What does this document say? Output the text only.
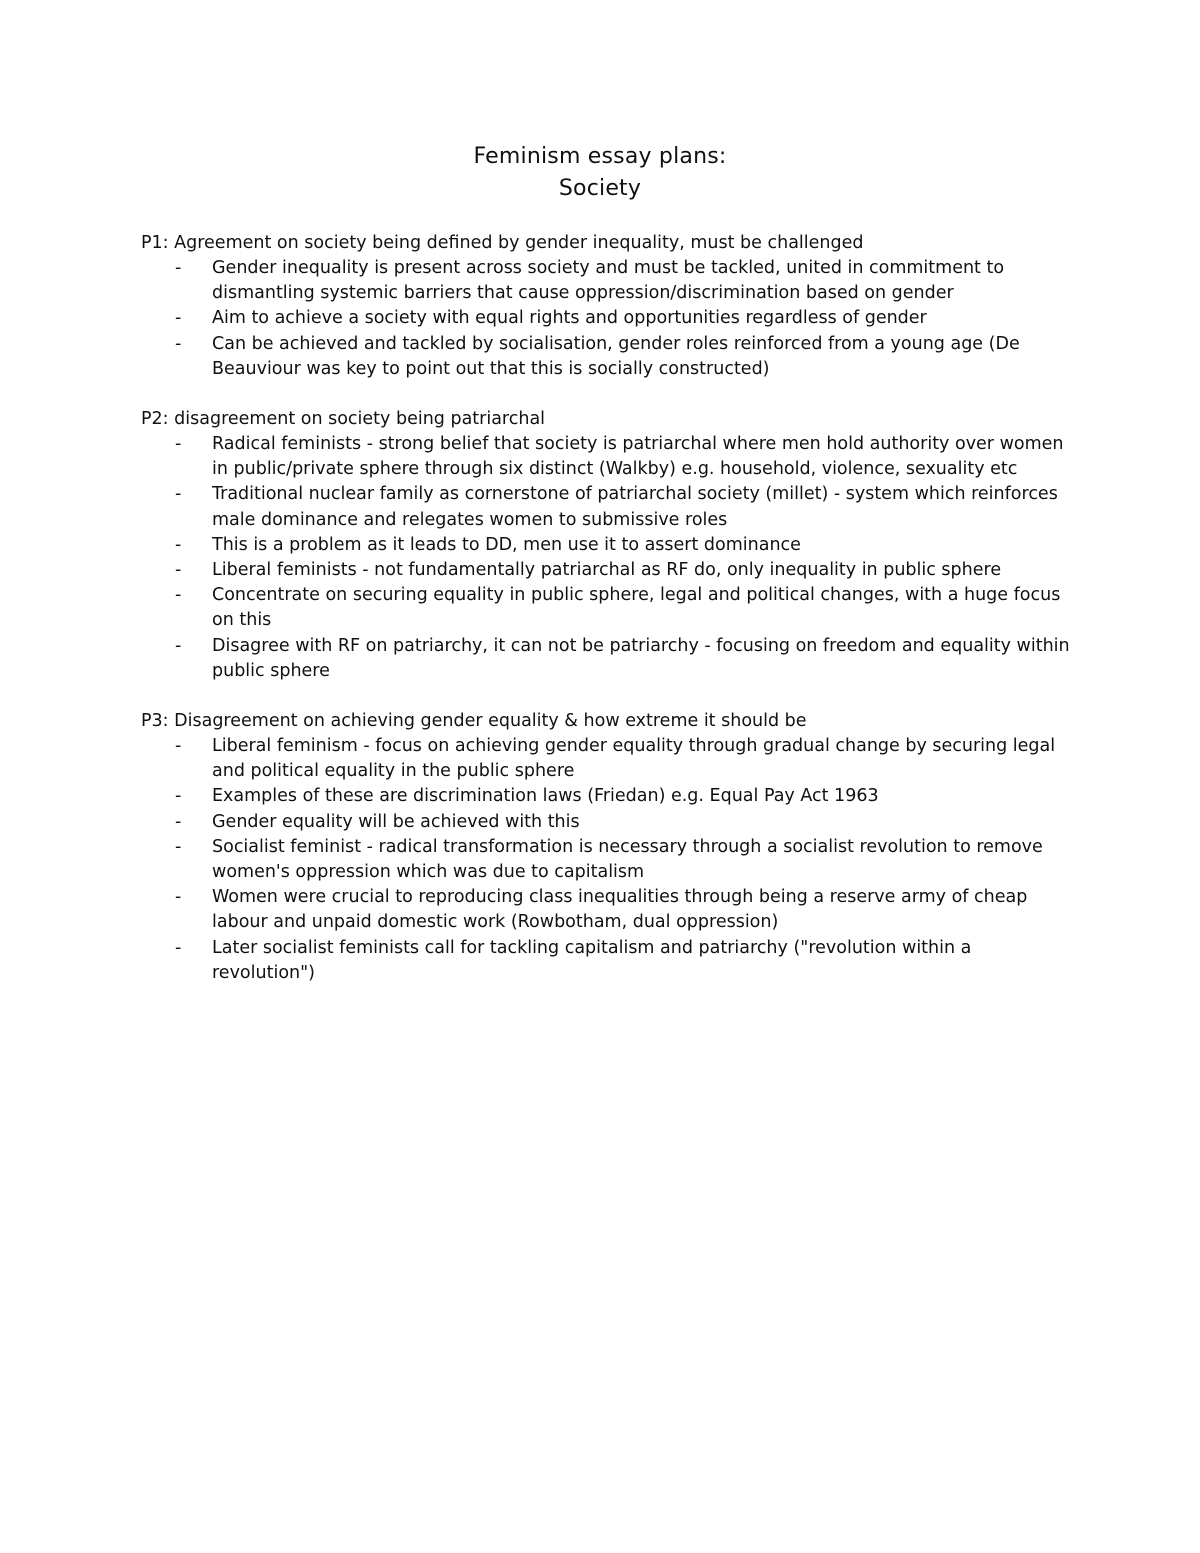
Feminism essay plans:
Society
P1: Agreement on society being defined by gender inequality, must be challenged
- Gender inequality is present across society and must be tackled, united in commitment to dismantling systemic barriers that cause oppression/discrimination based on gender
- Aim to achieve a society with equal rights and opportunities regardless of gender
- Can be achieved and tackled by socialisation, gender roles reinforced from a young age (De Beauviour was key to point out that this is socially constructed)
P2: disagreement on society being patriarchal
- Radical feminists - strong belief that society is patriarchal where men hold authority over women in public/private sphere through six distinct (Walkby) e.g. household, violence, sexuality etc
- Traditional nuclear family as cornerstone of patriarchal society (millet) - system which reinforces male dominance and relegates women to submissive roles
- This is a problem as it leads to DD, men use it to assert dominance
- Liberal feminists - not fundamentally patriarchal as RF do, only inequality in public sphere
- Concentrate on securing equality in public sphere, legal and political changes, with a huge focus on this
- Disagree with RF on patriarchy, it can not be patriarchy - focusing on freedom and equality within public sphere
P3: Disagreement on achieving gender equality & how extreme it should be
- Liberal feminism - focus on achieving gender equality through gradual change by securing legal and political equality in the public sphere
- Examples of these are discrimination laws (Friedan) e.g. Equal Pay Act 1963
- Gender equality will be achieved with this
- Socialist feminist - radical transformation is necessary through a socialist revolution to remove women's oppression which was due to capitalism
- Women were crucial to reproducing class inequalities through being a reserve army of cheap labour and unpaid domestic work (Rowbotham, dual oppression)
- Later socialist feminists call for tackling capitalism and patriarchy ("revolution within a revolution")
